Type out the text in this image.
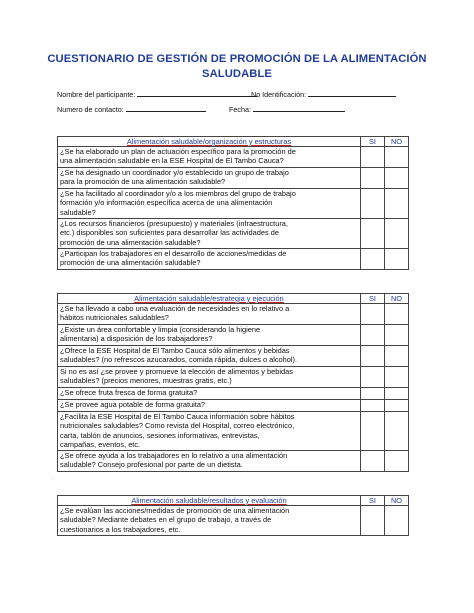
CUESTIONARIO DE GESTIÓN DE PROMOCIÓN DE LA ALIMENTACIÓN
SALUDABLE
Nombre del participante:	No Identificación:
Numero de contacto:	Fecha:
Alimentación saludable/organización y estructuras	SI	NO

¿Se ha elaborado un plan de actuación específico para la promoción de
una alimentación saludable en la ESE Hospital de El Tambo Cauca?		

¿Se ha designado un coordinador y/o establecido un grupo de trabajo
para la promoción de una alimentación saludable?		

¿Se ha facilitado al coordinador y/o a los miembros del grupo de trabajo
formación y/o información específica acerca de una alimentación
saludable?		

¿Los recursos financieros (presupuesto) y materiales (infraestructura,
etc.) disponibles son suficientes para desarrollar las actividades de
promoción de una alimentación saludable?		

¿Participan los trabajadores en el desarrollo de acciones/medidas de
promoción de una alimentación saludable?		

Alimentación saludable/estrategia y ejecución	SI	NO

¿Se ha llevado a cabo una evaluación de necesidades en lo relativo a
hábitos nutricionales saludables?		

¿Existe un área confortable y limpia (considerando la higiene
alimentaria) a disposición de los trabajadores?		

¿Ofrece la ESE Hospital de El Tambo Cauca sólo alimentos y bebidas
saludables? (no refrescos azucarados, comida rápida, dulces o alcohol).		

Si no es así ¿se provee y promueve la elección de alimentos y bebidas
saludables? (precios menores, muestras gratis, etc.)		

¿Se ofrece fruta fresca de forma gratuita?		

¿Se provee agua potable de forma gratuita?		

¿Facilita la ESE Hospital de El Tambo Cauca información sobre hábitos
nutricionales saludables? Como revista del Hospital, correo electrónico,
carta, tablón de anuncios, sesiones informativas, entrevistas,
campañas, eventos, etc.		

¿Se ofrece ayuda a los trabajadores en lo relativo a una alimentación
saludable? Consejo profesional por parte de un dietista.		

Alimentación saludable/resultados y evaluación	SI	NO

¿Se evalúan las acciones/medidas de promoción de una alimentación
saludable? Mediante debates en el grupo de trabajo, a través de
cuestionarios a los trabajadores, etc.		

.
